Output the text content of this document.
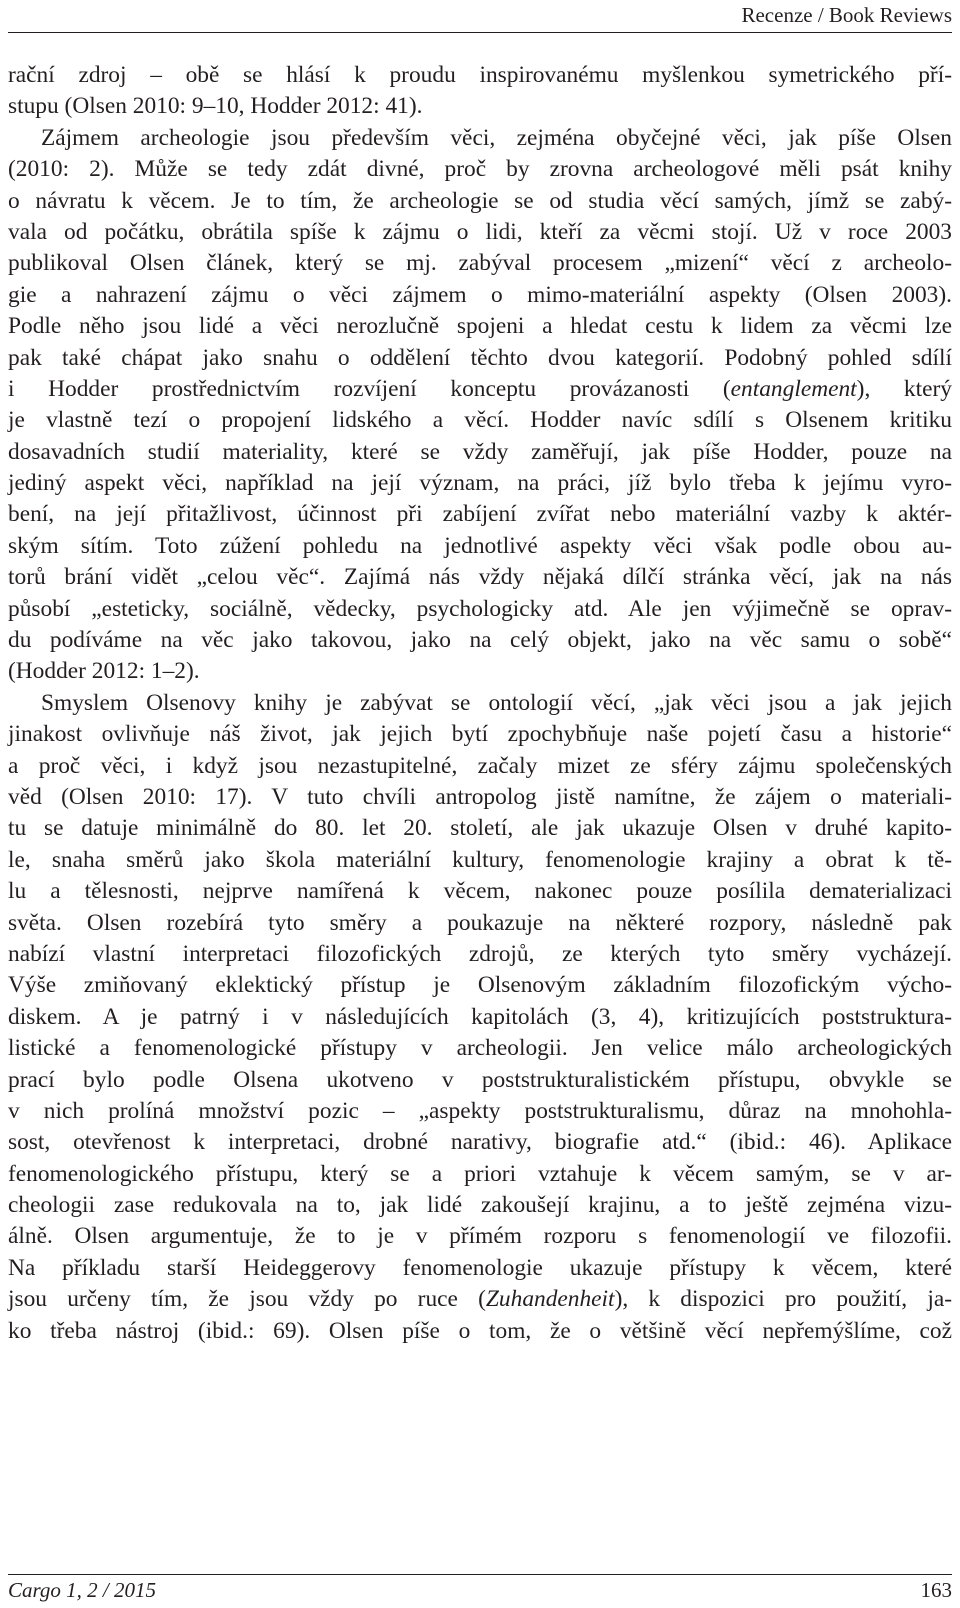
Recenze / Book Reviews
rační zdroj – obě se hlásí k proudu inspirovanému myšlenkou symetrického pří-
stupu (Olsen 2010: 9–10, Hodder 2012: 41).
Zájmem archeologie jsou především věci, zejména obyčejné věci, jak píše Olsen
(2010: 2). Může se tedy zdát divné, proč by zrovna archeologové měli psát knihy
o návratu k věcem. Je to tím, že archeologie se od studia věcí samých, jímž se zabý-
vala od počátku, obrátila spíše k zájmu o lidi, kteří za věcmi stojí. Už v roce 2003
publikoval Olsen článek, který se mj. zabýval procesem „mizení“ věcí z archeolo-
gie a nahrazení zájmu o věci zájmem o mimo-materiální aspekty (Olsen 2003).
Podle něho jsou lidé a věci nerozlučně spojeni a hledat cestu k lidem za věcmi lze
pak také chápat jako snahu o oddělení těchto dvou kategorií. Podobný pohled sdílí
i Hodder prostřednictvím rozvíjení konceptu provázanosti (entanglement), který
je vlastně tezí o propojení lidského a věcí. Hodder navíc sdílí s Olsenem kritiku
dosavadních studií materiality, které se vždy zaměřují, jak píše Hodder, pouze na
jediný aspekt věci, například na její význam, na práci, jíž bylo třeba k jejímu vyro-
bení, na její přitažlivost, účinnost při zabíjení zvířat nebo materiální vazby k aktér-
ským sítím. Toto zúžení pohledu na jednotlivé aspekty věci však podle obou au-
torů brání vidět „celou věc“. Zajímá nás vždy nějaká dílčí stránka věcí, jak na nás
působí „esteticky, sociálně, vědecky, psychologicky atd. Ale jen výjimečně se oprav-
du podíváme na věc jako takovou, jako na celý objekt, jako na věc samu o sobě“
(Hodder 2012: 1–2).
Smyslem Olsenovy knihy je zabývat se ontologií věcí, „jak věci jsou a jak jejich
jinakost ovlivňuje náš život, jak jejich bytí zpochybňuje naše pojetí času a historie“
a proč věci, i když jsou nezastupitelné, začaly mizet ze sféry zájmu společenských
věd (Olsen 2010: 17). V tuto chvíli antropolog jistě namítne, že zájem o materiali-
tu se datuje minimálně do 80. let 20. století, ale jak ukazuje Olsen v druhé kapito-
le, snaha směrů jako škola materiální kultury, fenomenologie krajiny a obrat k tě-
lu a tělesnosti, nejprve namířená k věcem, nakonec pouze posílila dematerializaci
světa. Olsen rozebírá tyto směry a poukazuje na některé rozpory, následně pak
nabízí vlastní interpretaci filozofických zdrojů, ze kterých tyto směry vycházejí.
Výše zmiňovaný eklektický přístup je Olsenovým základním filozofickým výcho-
diskem. A je patrný i v následujících kapitolách (3, 4), kritizujících poststruktura-
listické a fenomenologické přístupy v archeologii. Jen velice málo archeologických
prací bylo podle Olsena ukotveno v poststrukturalistickém přístupu, obvykle se
v nich prolíná množství pozic – „aspekty poststrukturalismu, důraz na mnohohla-
sost, otevřenost k interpretaci, drobné narativy, biografie atd.“ (ibid.: 46). Aplikace
fenomenologického přístupu, který se a priori vztahuje k věcem samým, se v ar-
cheologii zase redukovala na to, jak lidé zakoušejí krajinu, a to ještě zejména vizu-
álně. Olsen argumentuje, že to je v přímém rozporu s fenomenologií ve filozofii.
Na příkladu starší Heideggerovy fenomenologie ukazuje přístupy k věcem, které
jsou určeny tím, že jsou vždy po ruce (Zuhandenheit), k dispozici pro použití, ja-
ko třeba nástroj (ibid.: 69). Olsen píše o tom, že o většině věcí nepřemýšlíme, což
Cargo 1, 2 / 2015	163
